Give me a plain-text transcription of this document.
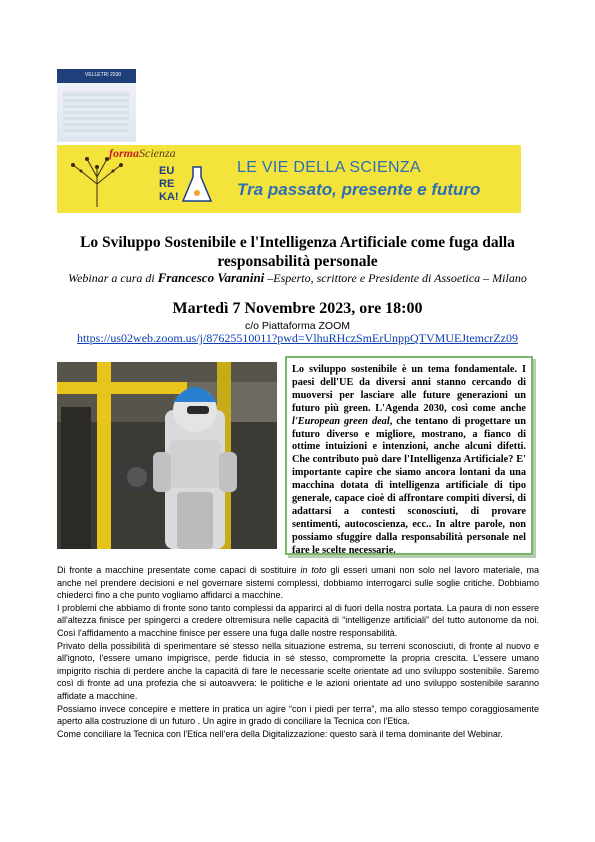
VELLETRI 2030
formaScienza
EU
RE
KA!
LE VIE DELLA SCIENZA
Tra passato, presente e futuro
Lo Sviluppo Sostenibile e l'Intelligenza Artificiale come fuga dalla
responsabilità personale
Webinar a cura di Francesco Varanini –Esperto, scrittore e Presidente di Assoetica – Milano
Martedì 7 Novembre 2023, ore 18:00
c/o Piattaforma ZOOM
https://us02web.zoom.us/j/87625510011?pwd=VlhuRHczSmErUnppQTVMUEJtemcrZz09

Lo sviluppo sostenibile è un tema fondamentale. I paesi dell'UE da diversi anni stanno cercando di muoversi per lasciare alle future generazioni un futuro più green. L'Agenda 2030, così come anche l'European green deal, che tentano di progettare un futuro diverso e migliore, mostrano, a fianco di ottime intuizioni e intenzioni, anche alcuni difetti. Che contributo può dare l'Intelligenza Artificiale? E' importante capire che siamo ancora lontani da una macchina dotata di intelligenza artificiale di tipo generale, capace cioè di affrontare compiti diversi, di adattarsi a contesti sconosciuti, di provare sentimenti, autocoscienza, ecc.. In altre parole, non possiamo sfuggire dalla responsabilità personale nel fare le scelte necessarie.

Di fronte a macchine presentate come capaci di sostituire in toto gli esseri umani non solo nel lavoro materiale, ma anche nel prendere decisioni e nel governare sistemi complessi, dobbiamo interrogarci sulle soglie critiche. Dobbiamo chiederci fino a che punto vogliamo affidarci a macchine.

I problemi che abbiamo di fronte sono tanto complessi da apparirci al di fuori della nostra portata. La paura di non essere all'altezza finisce per spingerci a credere oltremisura nelle capacità di “intelligenze artificiali” del tutto autonome da noi. Così l'affidamento a macchine finisce per essere una fuga dalle nostre responsabilità.

Privato della possibilità di sperimentare sé stesso nella situazione estrema, su terreni sconosciuti, di fronte al nuovo e all'ignoto, l'essere umano impigrisce, perde fiducia in sé stesso, compromette la propria crescita. L'essere umano impigrito rischia di perdere anche la capacità di fare le necessarie scelte orientate ad uno sviluppo sostenibile. Saremo così di fronte ad una profezia che si autoavvera: le politiche e le azioni orientate ad uno sviluppo sostenibile saranno affidate a macchine.

Possiamo invece concepire e mettere in pratica un agire “con i piedi per terra”, ma allo stesso tempo coraggiosamente aperto alla costruzione di un futuro . Un agire in grado di conciliare la Tecnica con l'Etica.

Come conciliare la Tecnica con l'Etica nell'era della Digitalizzazione: questo sarà il tema dominante del Webinar.
